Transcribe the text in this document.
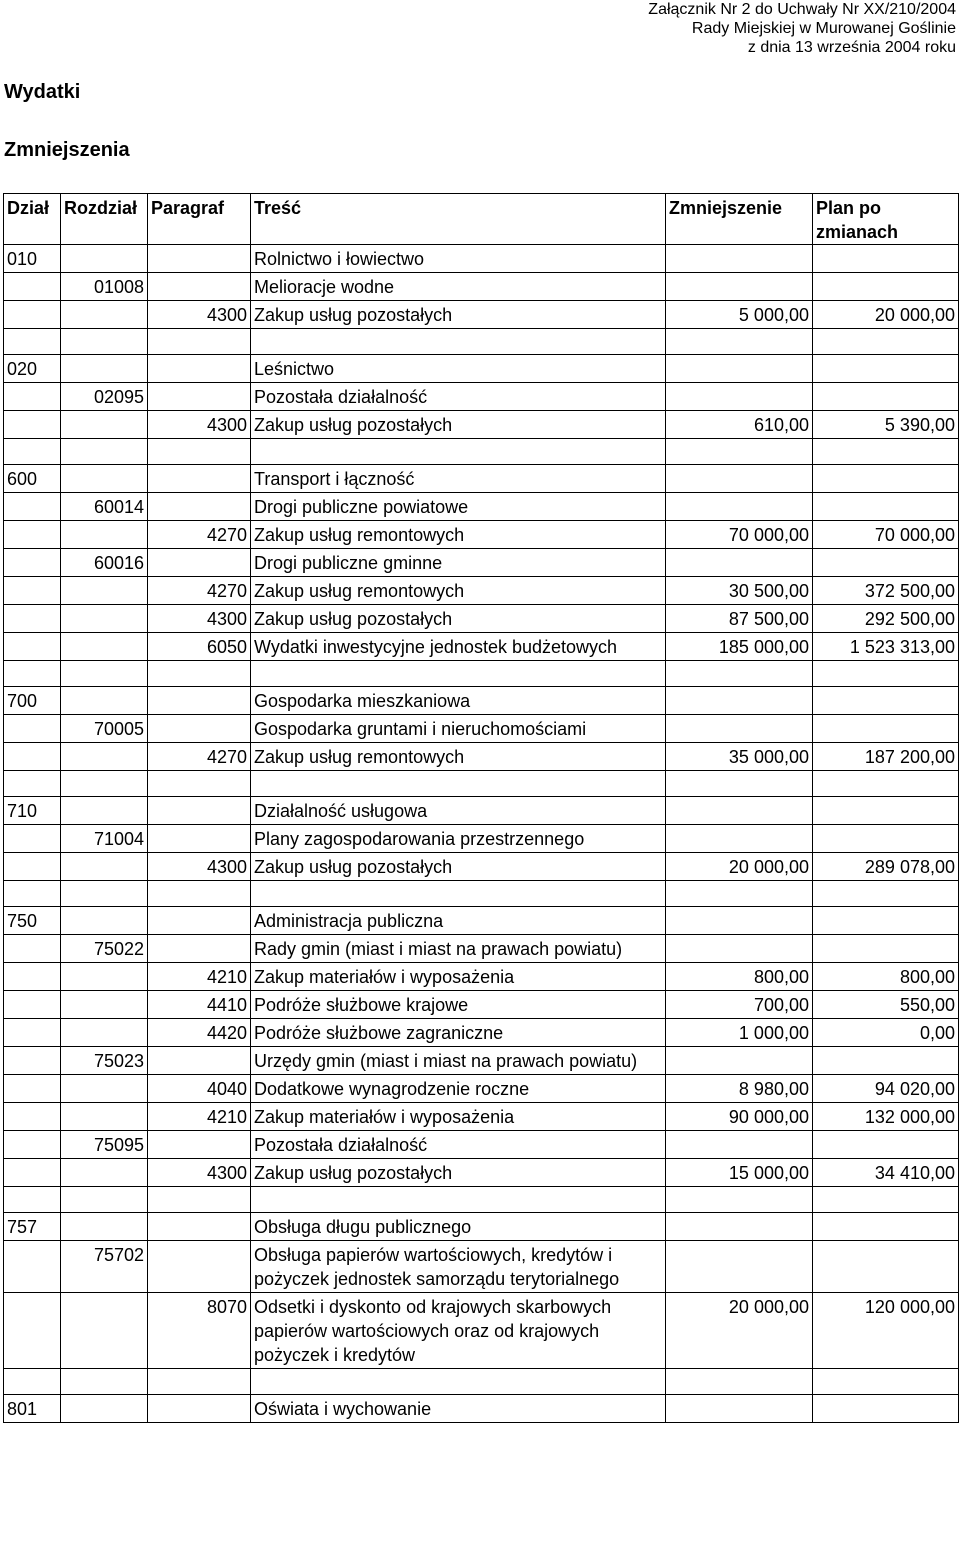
Załącznik Nr 2 do Uchwały Nr XX/210/2004
Rady Miejskiej w Murowanej Goślinie
z dnia 13 września 2004 roku
Wydatki
Zmniejszenia
Dział	Rozdział	Paragraf	Treść	Zmniejszenie	Plan po zmianach
010			Rolnictwo i łowiectwo		
	01008		Melioracje wodne		
		4300	Zakup usług pozostałych	5 000,00	20 000,00

020			Leśnictwo		
	02095		Pozostała działalność		
		4300	Zakup usług pozostałych	610,00	5 390,00

600			Transport i łączność		
	60014		Drogi publiczne powiatowe		
		4270	Zakup usług remontowych	70 000,00	70 000,00
	60016		Drogi publiczne gminne		
		4270	Zakup usług remontowych	30 500,00	372 500,00
		4300	Zakup usług pozostałych	87 500,00	292 500,00
		6050	Wydatki inwestycyjne jednostek budżetowych	185 000,00	1 523 313,00

700			Gospodarka mieszkaniowa		
	70005		Gospodarka gruntami i nieruchomościami		
		4270	Zakup usług remontowych	35 000,00	187 200,00

710			Działalność usługowa		
	71004		Plany zagospodarowania przestrzennego		
		4300	Zakup usług pozostałych	20 000,00	289 078,00

750			Administracja publiczna		
	75022		Rady gmin (miast i miast na prawach powiatu)		
		4210	Zakup materiałów i wyposażenia	800,00	800,00
		4410	Podróże służbowe krajowe	700,00	550,00
		4420	Podróże służbowe zagraniczne	1 000,00	0,00
	75023		Urzędy gmin (miast i miast na prawach powiatu)		
		4040	Dodatkowe wynagrodzenie roczne	8 980,00	94 020,00
		4210	Zakup materiałów i wyposażenia	90 000,00	132 000,00
	75095		Pozostała działalność		
		4300	Zakup usług pozostałych	15 000,00	34 410,00

757			Obsługa długu publicznego		
	75702		Obsługa papierów wartościowych, kredytów i pożyczek jednostek samorządu terytorialnego		
		8070	Odsetki i dyskonto od krajowych skarbowych papierów wartościowych oraz od krajowych pożyczek i kredytów	20 000,00	120 000,00

801			Oświata i wychowanie		
